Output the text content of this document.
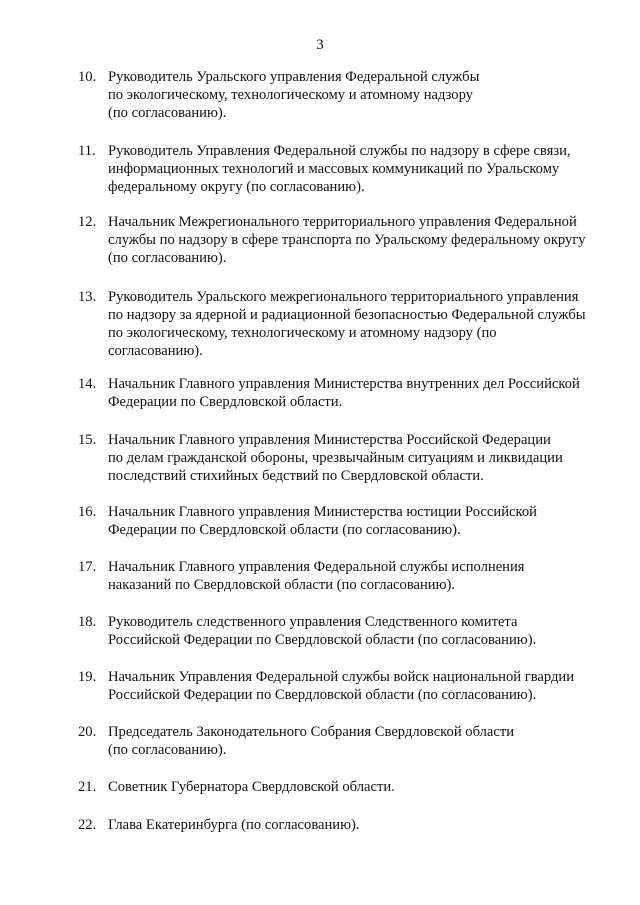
3
10. Руководитель Уральского управления Федеральной службы
по экологическому, технологическому и атомному надзору
(по согласованию).
11. Руководитель Управления Федеральной службы по надзору в сфере связи,
информационных технологий и массовых коммуникаций по Уральскому
федеральному округу (по согласованию).
12. Начальник Межрегионального территориального управления Федеральной
службы по надзору в сфере транспорта по Уральскому федеральному округу
(по согласованию).
13. Руководитель Уральского межрегионального территориального управления
по надзору за ядерной и радиационной безопасностью Федеральной службы
по экологическому, технологическому и атомному надзору (по
согласованию).
14. Начальник Главного управления Министерства внутренних дел Российской
Федерации по Свердловской области.
15. Начальник Главного управления Министерства Российской Федерации
по делам гражданской обороны, чрезвычайным ситуациям и ликвидации
последствий стихийных бедствий по Свердловской области.
16. Начальник Главного управления Министерства юстиции Российской
Федерации по Свердловской области (по согласованию).
17. Начальник Главного управления Федеральной службы исполнения
наказаний по Свердловской области (по согласованию).
18. Руководитель следственного управления Следственного комитета
Российской Федерации по Свердловской области (по согласованию).
19. Начальник Управления Федеральной службы войск национальной гвардии
Российской Федерации по Свердловской области (по согласованию).
20. Председатель Законодательного Собрания Свердловской области
(по согласованию).
21. Советник Губернатора Свердловской области.
22. Глава Екатеринбурга (по согласованию).
